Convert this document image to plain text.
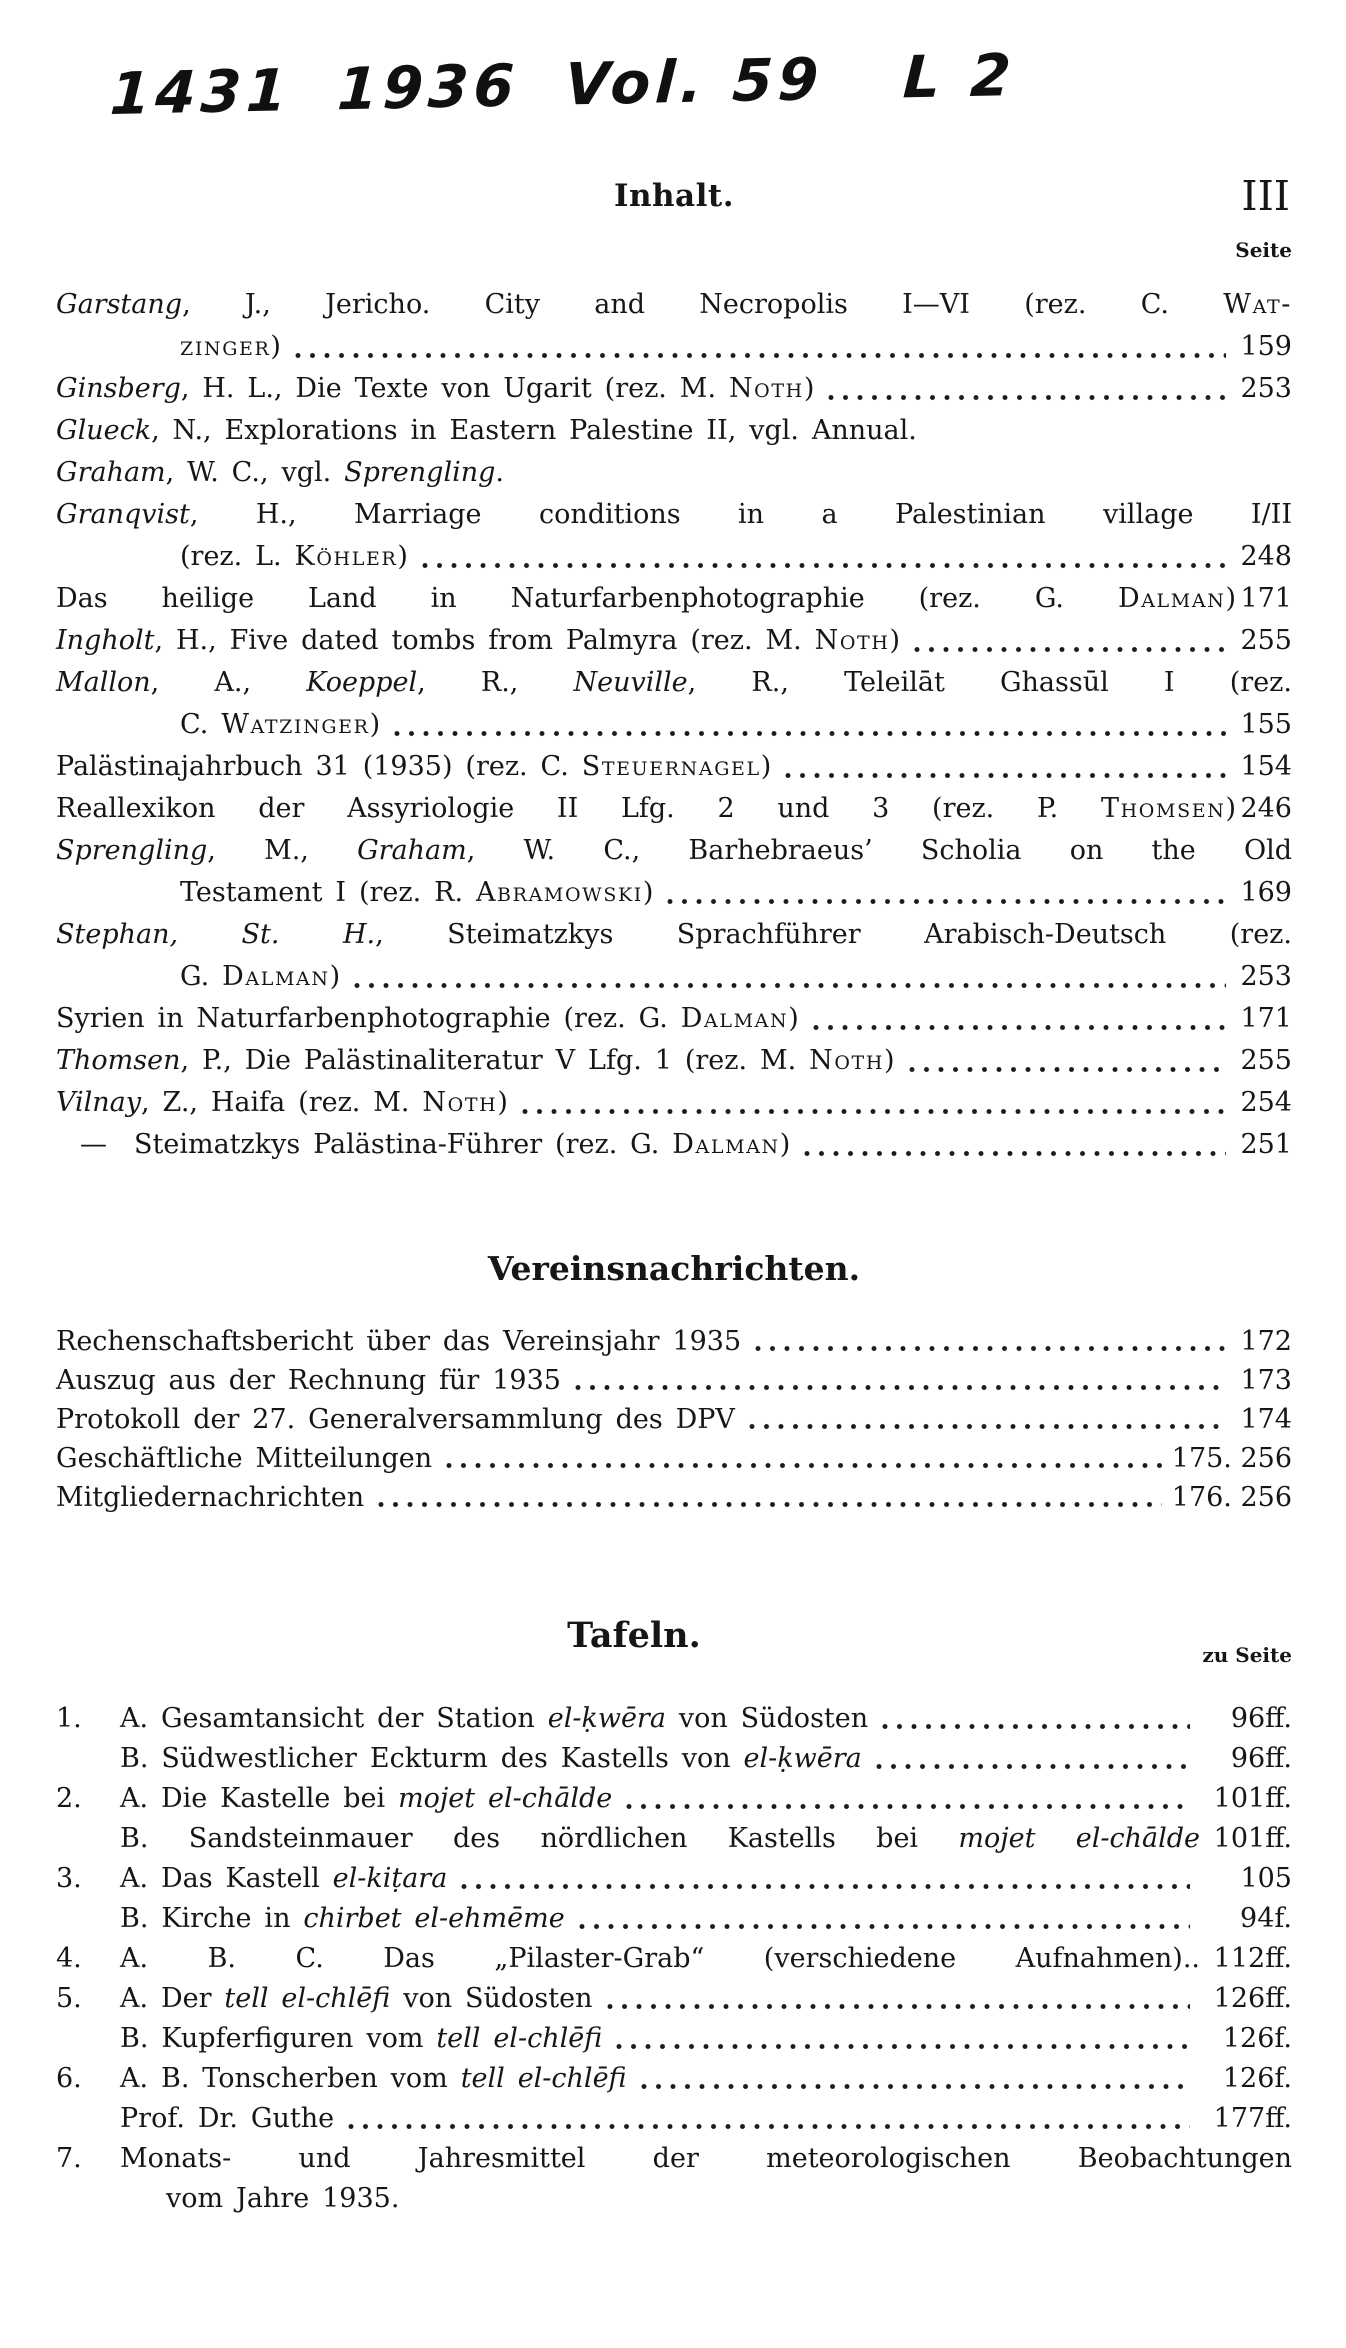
1431 1936 Vol. 59 L 2
Inhalt.	III
Seite
Garstang, J., Jericho. City and Necropolis I—VI (rez. C. Wat-
zinger)	159
Ginsberg, H. L., Die Texte von Ugarit (rez. M. Noth)	253
Glueck, N., Explorations in Eastern Palestine II, vgl. Annual.
Graham, W. C., vgl. Sprengling.
Granqvist, H., Marriage conditions in a Palestinian village I/II
(rez. L. Köhler)	248
Das heilige Land in Naturfarbenphotographie (rez. G. Dalman) 171
Ingholt, H., Five dated tombs from Palmyra (rez. M. Noth)	255
Mallon, A., Koeppel, R., Neuville, R., Teleilāt Ghassūl I (rez.
C. Watzinger)	155
Palästinajahrbuch 31 (1935) (rez. C. Steuernagel)	154
Reallexikon der Assyriologie II Lfg. 2 und 3 (rez. P. Thomsen) 246
Sprengling, M., Graham, W. C., Barhebraeus’ Scholia on the Old
Testament I (rez. R. Abramowski)	169
Stephan, St. H., Steimatzkys Sprachführer Arabisch-Deutsch (rez.
G. Dalman)	253
Syrien in Naturfarbenphotographie (rez. G. Dalman)	171
Thomsen, P., Die Palästinaliteratur V Lfg. 1 (rez. M. Noth)	255
Vilnay, Z., Haifa (rez. M. Noth)	254
— Steimatzkys Palästina-Führer (rez. G. Dalman)	251
Vereinsnachrichten.
Rechenschaftsbericht über das Vereinsjahr 1935	172
Auszug aus der Rechnung für 1935	173
Protokoll der 27. Generalversammlung des DPV	174
Geschäftliche Mitteilungen	175. 256
Mitgliedernachrichten	176. 256
Tafeln.	zu Seite
1.	A. Gesamtansicht der Station el-ḳwēra von Südosten	96ff.
B. Südwestlicher Eckturm des Kastells von el-ḳwēra	96ff.
2.	A. Die Kastelle bei mojet el-chālde	101ff.
B. Sandsteinmauer des nördlichen Kastells bei mojet el-chālde 101ff.
3.	A. Das Kastell el-kiṭara	105
B. Kirche in chirbet el-ehmēme	94f.
4.	A. B. C. Das „Pilaster-Grab“ (verschiedene Aufnahmen).. 112ff.
5.	A. Der tell el-chlēfi von Südosten	126ff.
B. Kupferfiguren vom tell el-chlēfi	126f.
6.	A. B. Tonscherben vom tell el-chlēfi	126f.
Prof. Dr. Guthe	177ff.
7.	Monats- und Jahresmittel der meteorologischen Beobachtungen
vom Jahre 1935.
